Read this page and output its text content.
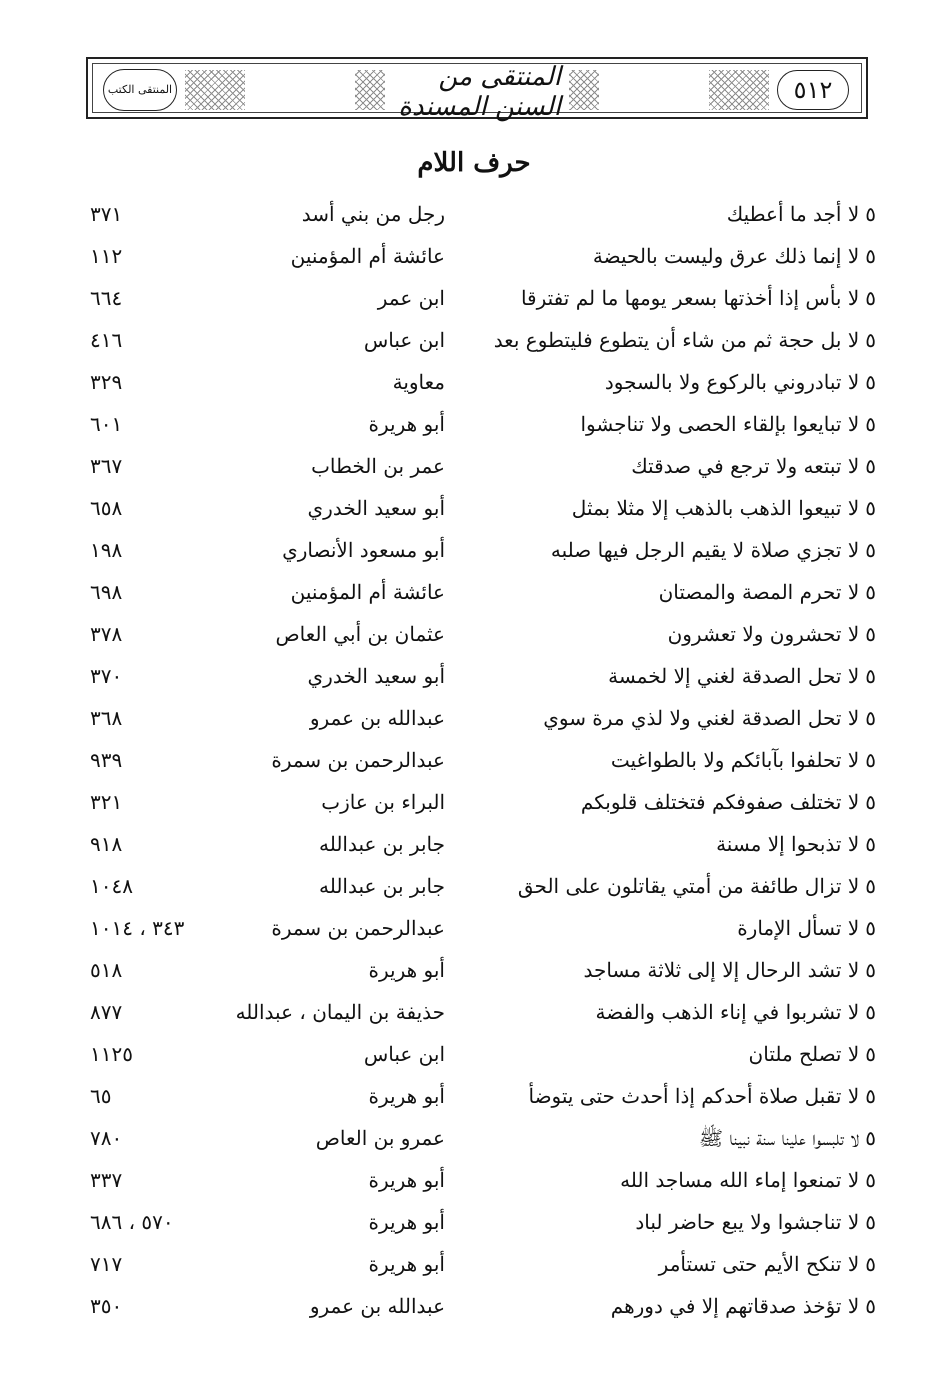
٥١٢
المنتقى من السنن المسندة
المنتقى الكتب
حرف اللام
٥لا أجد ما أعطيك
رجل من بني أسد
٣٧١
٥لا إنما ذلك عرق وليست بالحيضة
عائشة أم المؤمنين
١١٢
٥لا بأس إذا أخذتها بسعر يومها ما لم تفترقا
ابن عمر
٦٦٤
٥لا بل حجة ثم من شاء أن يتطوع فليتطوع بعد
ابن عباس
٤١٦
٥لا تبادروني بالركوع ولا بالسجود
معاوية
٣٢٩
٥لا تبايعوا بإلقاء الحصى ولا تناجشوا
أبو هريرة
٦٠١
٥لا تبتعه ولا ترجع في صدقتك
عمر بن الخطاب
٣٦٧
٥لا تبيعوا الذهب بالذهب إلا مثلا بمثل
أبو سعيد الخدري
٦٥٨
٥لا تجزي صلاة لا يقيم الرجل فيها صلبه
أبو مسعود الأنصاري
١٩٨
٥لا تحرم المصة والمصتان
عائشة أم المؤمنين
٦٩٨
٥لا تحشرون ولا تعشرون
عثمان بن أبي العاص
٣٧٨
٥لا تحل الصدقة لغني إلا لخمسة
أبو سعيد الخدري
٣٧٠
٥لا تحل الصدقة لغني ولا لذي مرة سوي
عبدالله بن عمرو
٣٦٨
٥لا تحلفوا بآبائكم ولا بالطواغيت
عبدالرحمن بن سمرة
٩٣٩
٥لا تختلف صفوفكم فتختلف قلوبكم
البراء بن عازب
٣٢١
٥لا تذبحوا إلا مسنة
جابر بن عبدالله
٩١٨
٥لا تزال طائفة من أمتي يقاتلون على الحق
جابر بن عبدالله
١٠٤٨
٥لا تسأل الإمارة
عبدالرحمن بن سمرة
٣٤٣ ، ١٠١٤
٥لا تشد الرحال إلا إلى ثلاثة مساجد
أبو هريرة
٥١٨
٥لا تشربوا في إناء الذهب والفضة
حذيفة بن اليمان ، عبدالله
٨٧٧
٥لا تصلح ملتان
ابن عباس
١١٢٥
٥لا تقبل صلاة أحدكم إذا أحدث حتى يتوضأ
أبو هريرة
٦٥
٥لا تلبسوا علينا سنة نبينا ﷺ
عمرو بن العاص
٧٨٠
٥لا تمنعوا إماء الله مساجد الله
أبو هريرة
٣٣٧
٥لا تناجشوا ولا يبع حاضر لباد
أبو هريرة
٥٧٠ ، ٦٨٦
٥لا تنكح الأيم حتى تستأمر
أبو هريرة
٧١٧
٥لا تؤخذ صدقاتهم إلا في دورهم
عبدالله بن عمرو
٣٥٠
